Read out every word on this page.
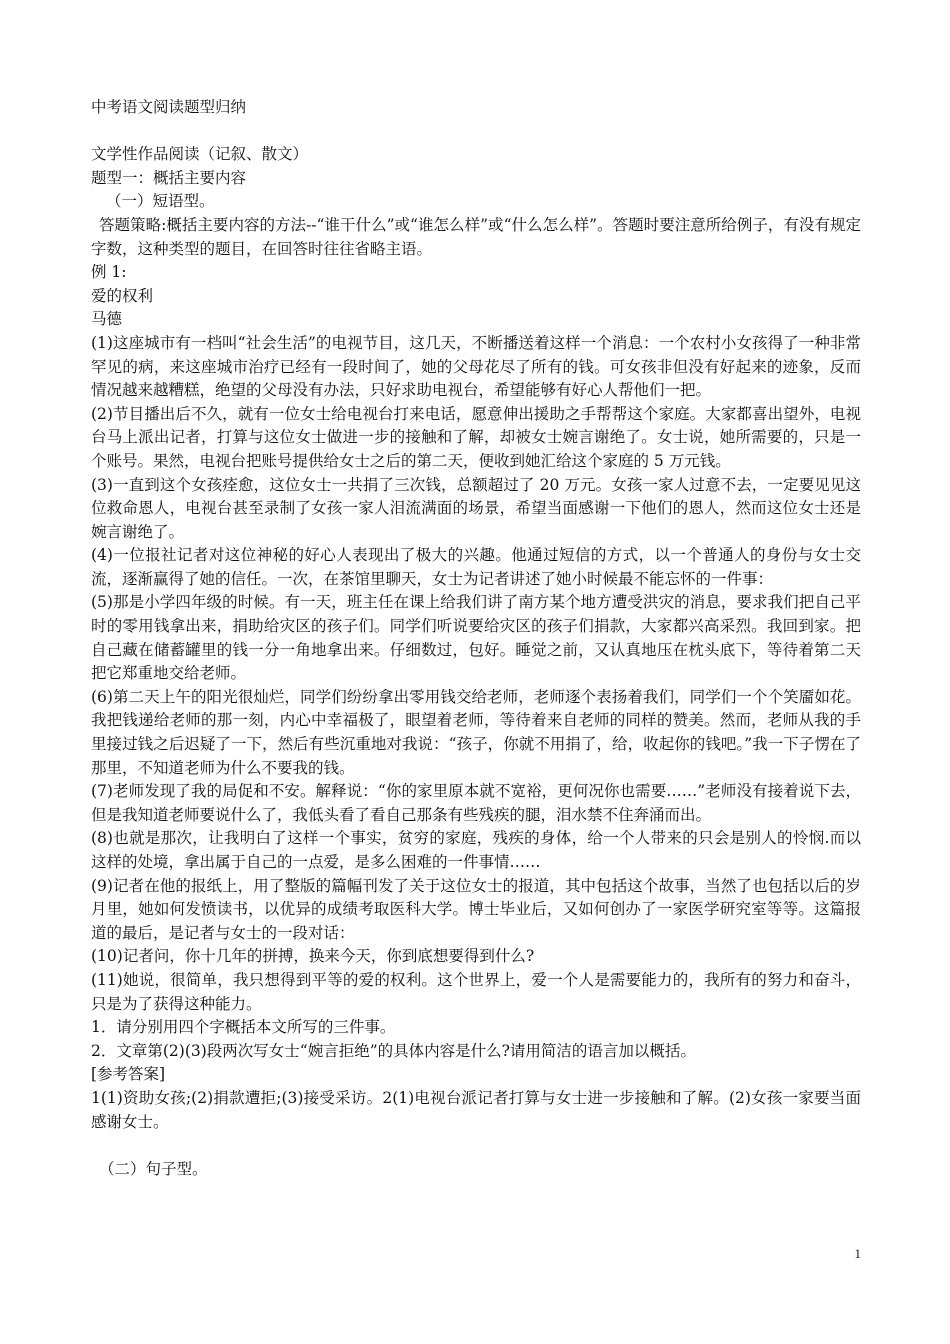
中考语文阅读题型归纳
文学性作品阅读（记叙、散文）
题型一：概括主要内容
（一）短语型。
答题策略:概括主要内容的方法--“谁干什么”或“谁怎么样”或“什么怎么样”。答题时要注意所给例子，有没有规定字数，这种类型的题目，在回答时往往省略主语。
例 1:
爱的权利
马德
(1)这座城市有一档叫“社会生活”的电视节目，这几天，不断播送着这样一个消息：一个农村小女孩得了一种非常罕见的病，来这座城市治疗已经有一段时间了，她的父母花尽了所有的钱。可女孩非但没有好起来的迹象，反而情况越来越糟糕，绝望的父母没有办法，只好求助电视台，希望能够有好心人帮他们一把。
(2)节目播出后不久，就有一位女士给电视台打来电话，愿意伸出援助之手帮帮这个家庭。大家都喜出望外，电视台马上派出记者，打算与这位女士做进一步的接触和了解，却被女士婉言谢绝了。女士说，她所需要的，只是一个账号。果然，电视台把账号提供给女士之后的第二天，便收到她汇给这个家庭的 5 万元钱。
(3)一直到这个女孩痊愈，这位女士一共捐了三次钱，总额超过了 20 万元。女孩一家人过意不去，一定要见见这位救命恩人，电视台甚至录制了女孩一家人泪流满面的场景，希望当面感谢一下他们的恩人，然而这位女士还是婉言谢绝了。
(4)一位报社记者对这位神秘的好心人表现出了极大的兴趣。他通过短信的方式，以一个普通人的身份与女士交流，逐渐赢得了她的信任。一次，在茶馆里聊天，女士为记者讲述了她小时候最不能忘怀的一件事：
(5)那是小学四年级的时候。有一天，班主任在课上给我们讲了南方某个地方遭受洪灾的消息，要求我们把自己平时的零用钱拿出来，捐助给灾区的孩子们。同学们听说要给灾区的孩子们捐款，大家都兴高采烈。我回到家。把自己藏在储蓄罐里的钱一分一角地拿出来。仔细数过，包好。睡觉之前，又认真地压在枕头底下，等待着第二天把它郑重地交给老师。
(6)第二天上午的阳光很灿烂，同学们纷纷拿出零用钱交给老师，老师逐个表扬着我们，同学们一个个笑靥如花。我把钱递给老师的那一刻，内心中幸福极了，眼望着老师，等待着来自老师的同样的赞美。然而，老师从我的手里接过钱之后迟疑了一下，然后有些沉重地对我说：“孩子，你就不用捐了，给，收起你的钱吧。”我一下子愣在了那里，不知道老师为什么不要我的钱。
(7)老师发现了我的局促和不安。解释说：“你的家里原本就不宽裕，更何况你也需要……”老师没有接着说下去，但是我知道老师要说什么了，我低头看了看自己那条有些残疾的腿，泪水禁不住奔涌而出。
(8)也就是那次，让我明白了这样一个事实，贫穷的家庭，残疾的身体，给一个人带来的只会是别人的怜悯.而以这样的处境，拿出属于自己的一点爱，是多么困难的一件事情……
(9)记者在他的报纸上，用了整版的篇幅刊发了关于这位女士的报道，其中包括这个故事，当然了也包括以后的岁月里，她如何发愤读书，以优异的成绩考取医科大学。博士毕业后，又如何创办了一家医学研究室等等。这篇报道的最后，是记者与女士的一段对话：
(10)记者问，你十几年的拼搏，换来今天，你到底想要得到什么?
(11)她说，很简单，我只想得到平等的爱的权利。这个世界上，爱一个人是需要能力的，我所有的努力和奋斗，只是为了获得这种能力。
1．请分别用四个字概括本文所写的三件事。
2．文章第(2)(3)段两次写女士“婉言拒绝”的具体内容是什么?请用简洁的语言加以概括。
[参考答案]
1(1)资助女孩;(2)捐款遭拒;(3)接受采访。2(1)电视台派记者打算与女士进一步接触和了解。(2)女孩一家要当面感谢女士。
（二）句子型。
1
